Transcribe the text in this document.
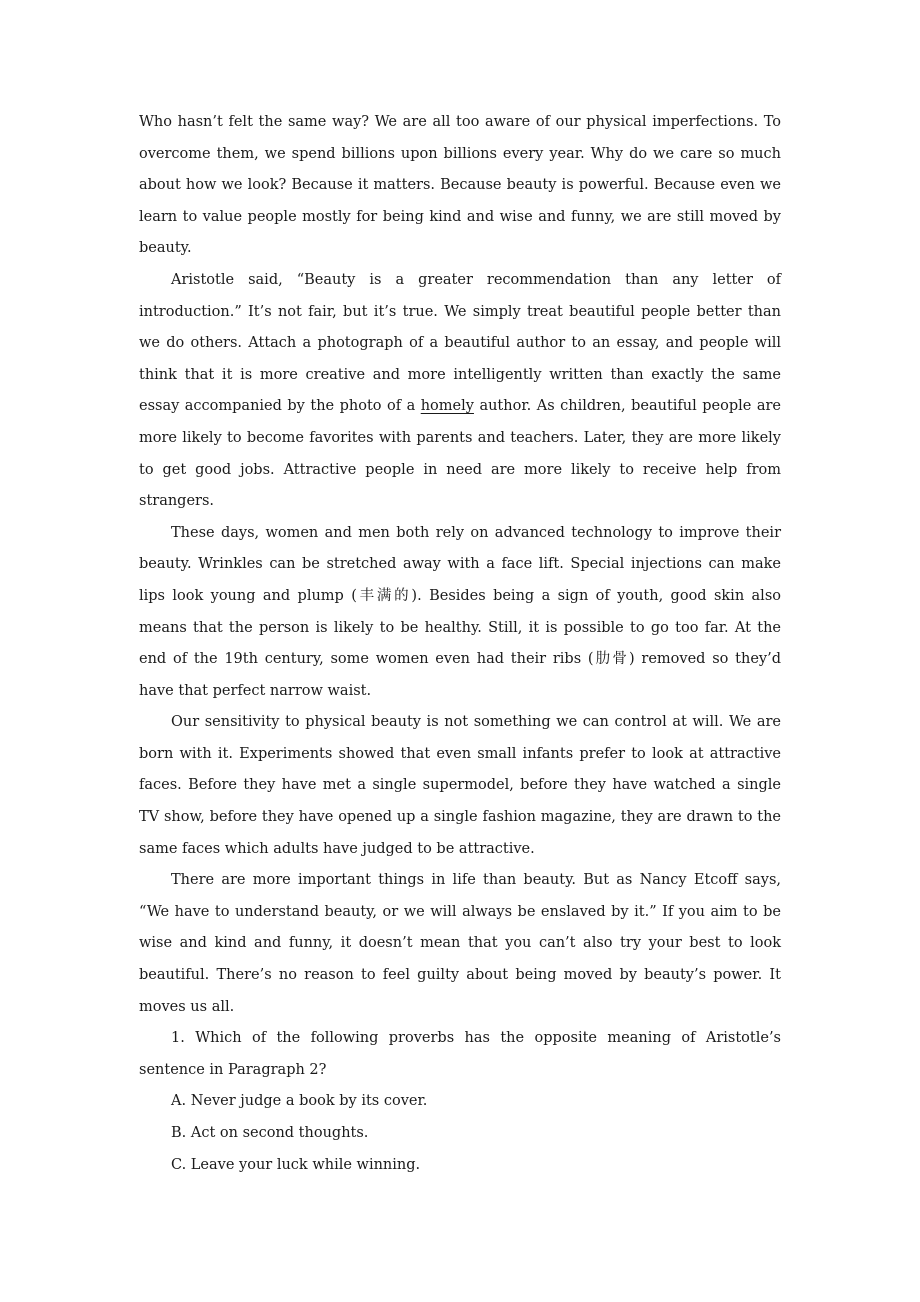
Who hasn’t felt the same way? We are all too aware of our physical imperfections. To overcome them, we spend billions upon billions every year. Why do we care so much about how we look? Because it matters. Because beauty is powerful. Because even we learn to value people mostly for being kind and wise and funny, we are still moved by beauty.

Aristotle said, “Beauty is a greater recommendation than any letter of introduction.” It’s not fair, but it’s true. We simply treat beautiful people better than we do others. Attach a photograph of a beautiful author to an essay, and people will think that it is more creative and more intelligently written than exactly the same essay accompanied by the photo of a homely author. As children, beautiful people are more likely to become favorites with parents and teachers. Later, they are more likely to get good jobs. Attractive people in need are more likely to receive help from strangers.

These days, women and men both rely on advanced technology to improve their beauty. Wrinkles can be stretched away with a face lift. Special injections can make lips look young and plump (丰满的). Besides being a sign of youth, good skin also means that the person is likely to be healthy. Still, it is possible to go too far. At the end of the 19th century, some women even had their ribs (肋骨) removed so they’d have that perfect narrow waist.

Our sensitivity to physical beauty is not something we can control at will. We are born with it. Experiments showed that even small infants prefer to look at attractive faces. Before they have met a single supermodel, before they have watched a single TV show, before they have opened up a single fashion magazine, they are drawn to the same faces which adults have judged to be attractive.

There are more important things in life than beauty. But as Nancy Etcoff says, “We have to understand beauty, or we will always be enslaved by it.” If you aim to be wise and kind and funny, it doesn’t mean that you can’t also try your best to look beautiful. There’s no reason to feel guilty about being moved by beauty’s power. It moves us all.

1. Which of the following proverbs has the opposite meaning of Aristotle’s sentence in Paragraph 2?

A. Never judge a book by its cover.

B. Act on second thoughts.

C. Leave your luck while winning.
